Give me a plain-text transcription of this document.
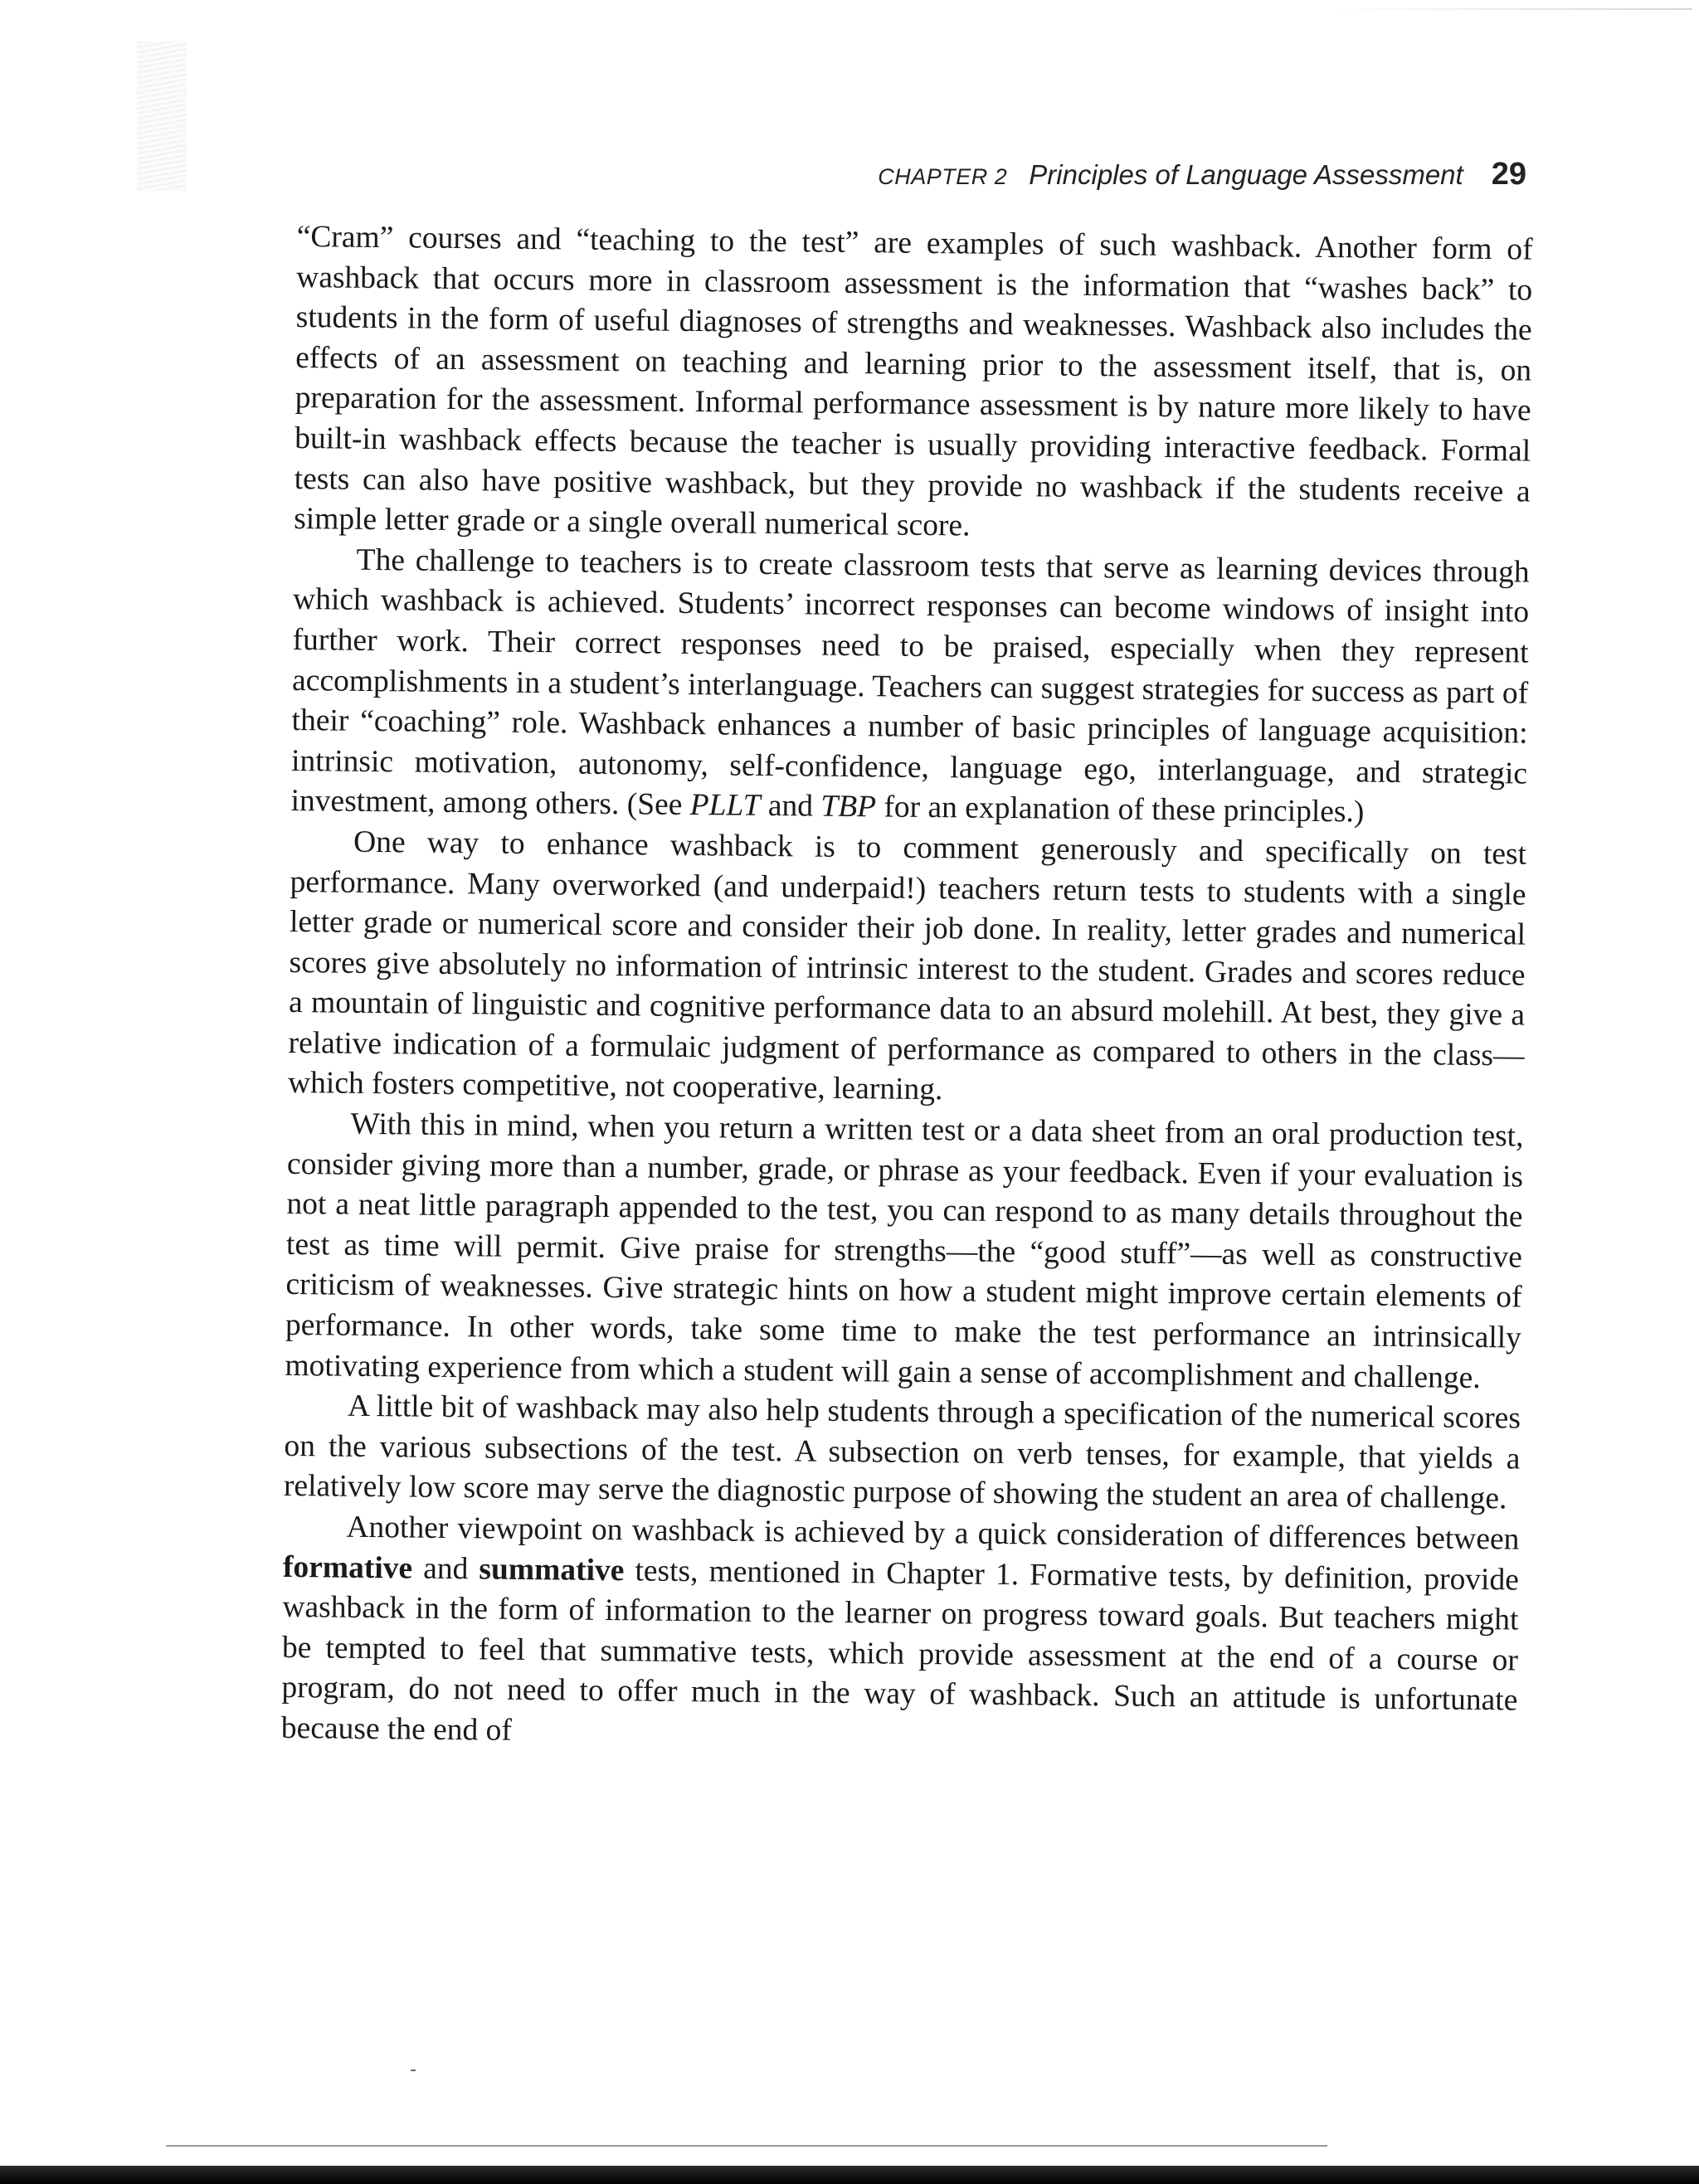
CHAPTER 2 Principles of Language Assessment 29

“Cram” courses and “teaching to the test” are examples of such washback. Another form of washback that occurs more in classroom assessment is the information that “washes back” to students in the form of useful diagnoses of strengths and weaknesses. Washback also includes the effects of an assessment on teaching and learning prior to the assessment itself, that is, on preparation for the assessment. Informal performance assessment is by nature more likely to have built-in washback effects because the teacher is usually providing interactive feedback. Formal tests can also have positive washback, but they provide no washback if the students receive a simple letter grade or a single overall numerical score.

The challenge to teachers is to create classroom tests that serve as learning devices through which washback is achieved. Students’ incorrect responses can become windows of insight into further work. Their correct responses need to be praised, especially when they represent accomplishments in a student’s interlanguage. Teachers can suggest strategies for success as part of their “coaching” role. Washback enhances a number of basic principles of language acquisition: intrinsic motivation, autonomy, self-confidence, language ego, interlanguage, and strategic investment, among others. (See PLLT and TBP for an explanation of these principles.)

One way to enhance washback is to comment generously and specifically on test performance. Many overworked (and underpaid!) teachers return tests to students with a single letter grade or numerical score and consider their job done. In reality, letter grades and numerical scores give absolutely no information of intrinsic interest to the student. Grades and scores reduce a mountain of linguistic and cognitive performance data to an absurd molehill. At best, they give a relative indication of a formulaic judgment of performance as compared to others in the class—which fosters competitive, not cooperative, learning.

With this in mind, when you return a written test or a data sheet from an oral production test, consider giving more than a number, grade, or phrase as your feedback. Even if your evaluation is not a neat little paragraph appended to the test, you can respond to as many details throughout the test as time will permit. Give praise for strengths—the “good stuff”—as well as constructive criticism of weaknesses. Give strategic hints on how a student might improve certain elements of performance. In other words, take some time to make the test performance an intrinsically motivating experience from which a student will gain a sense of accomplishment and challenge.

A little bit of washback may also help students through a specification of the numerical scores on the various subsections of the test. A subsection on verb tenses, for example, that yields a relatively low score may serve the diagnostic purpose of showing the student an area of challenge.

Another viewpoint on washback is achieved by a quick consideration of differences between formative and summative tests, mentioned in Chapter 1. Formative tests, by definition, provide washback in the form of information to the learner on progress toward goals. But teachers might be tempted to feel that summative tests, which provide assessment at the end of a course or program, do not need to offer much in the way of washback. Such an attitude is unfortunate because the end of
